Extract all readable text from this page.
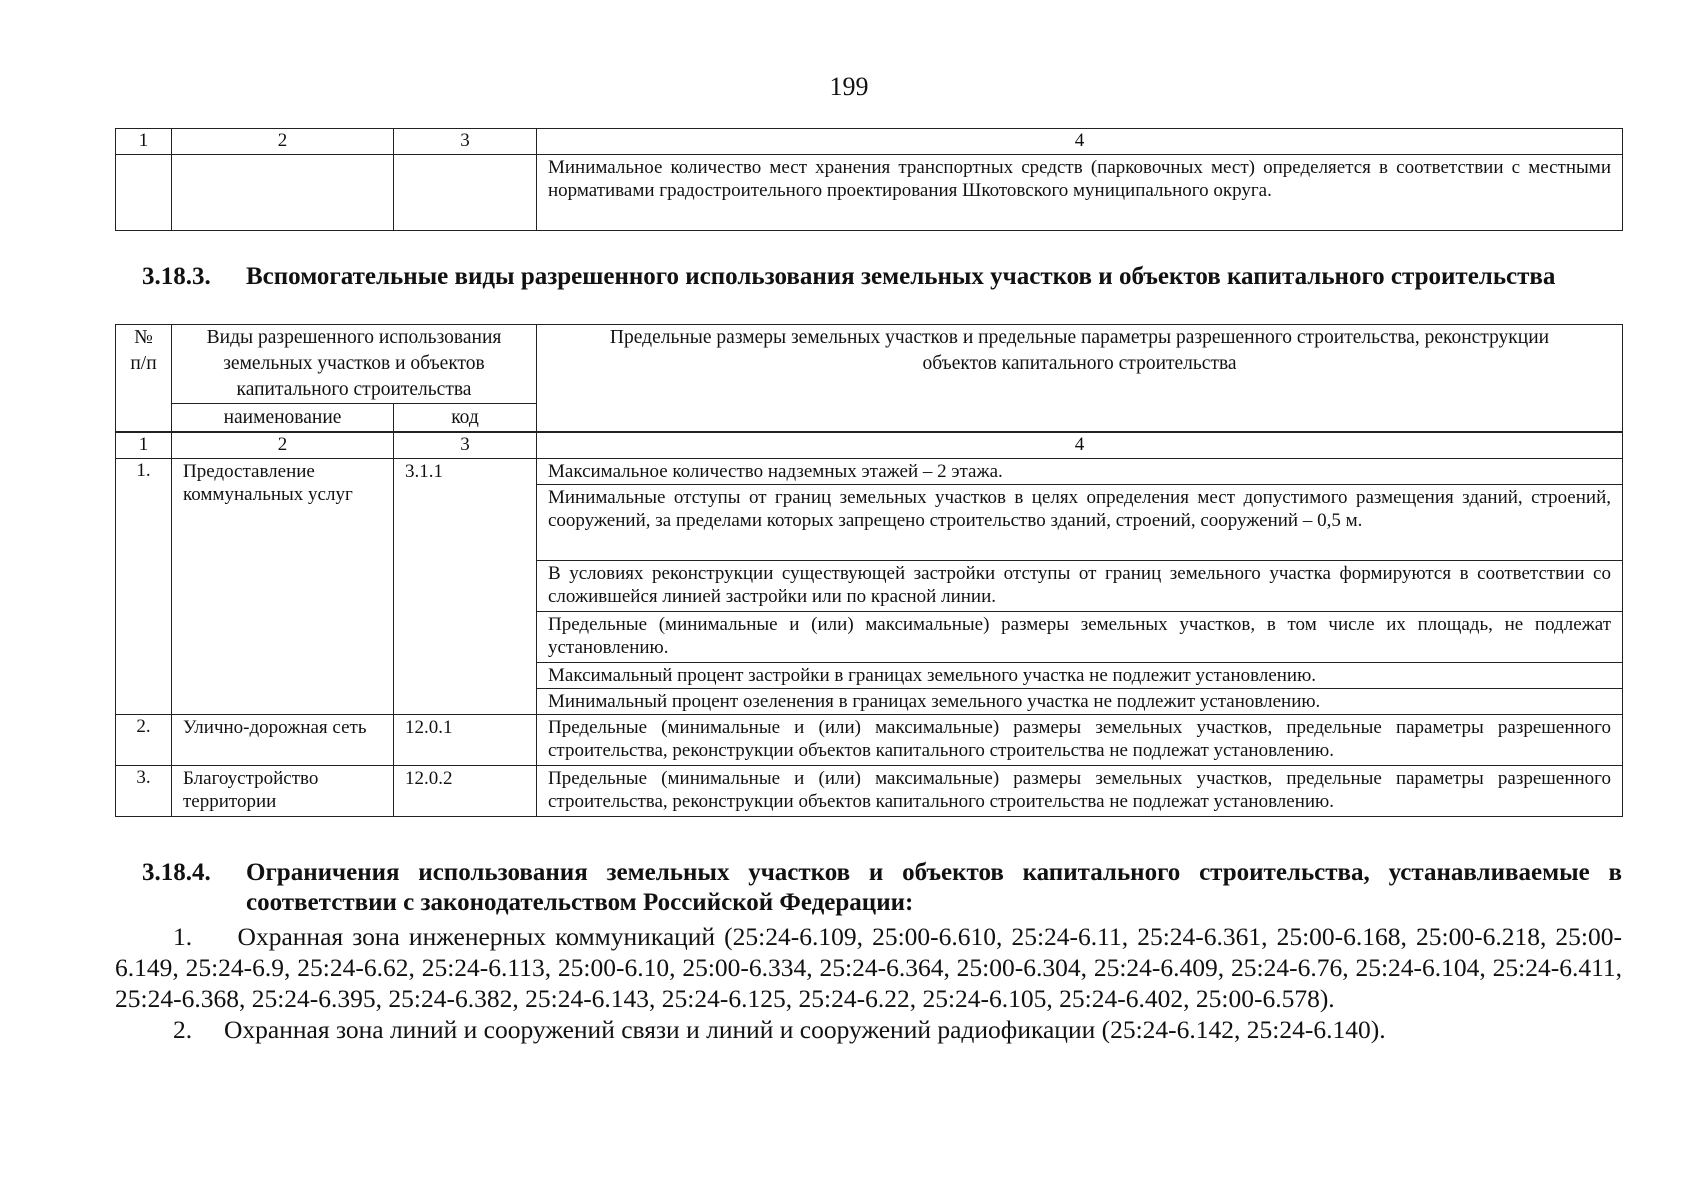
199
1	2	3	4
			Минимальное количество мест хранения транспортных средств (парковочных мест) определяется в соответствии с местными нормативами градостроительного проектирования Шкотовского муниципального округа.
3.18.3. Вспомогательные виды разрешенного использования земельных участков и объектов капитального строительства
№ п/п	Виды разрешенного использования земельных участков и объектов капитального строительства		Предельные размеры земельных участков и предельные параметры разрешенного строительства, реконструкции объектов капитального строительства
	наименование	код	
1	2	3	4
1.	Предоставление коммунальных услуг	3.1.1	Максимальное количество надземных этажей – 2 этажа.
			Минимальные отступы от границ земельных участков в целях определения мест допустимого размещения зданий, строений, сооружений, за пределами которых запрещено строительство зданий, строений, сооружений – 0,5 м.
			В условиях реконструкции существующей застройки отступы от границ земельного участка формируются в соответствии со сложившейся линией застройки или по красной линии.
			Предельные (минимальные и (или) максимальные) размеры земельных участков, в том числе их площадь, не подлежат установлению.
			Максимальный процент застройки в границах земельного участка не подлежит установлению.
			Минимальный процент озеленения в границах земельного участка не подлежит установлению.
2.	Улично-дорожная сеть	12.0.1	Предельные (минимальные и (или) максимальные) размеры земельных участков, предельные параметры разрешенного строительства, реконструкции объектов капитального строительства не подлежат установлению.
3.	Благоустройство территории	12.0.2	Предельные (минимальные и (или) максимальные) размеры земельных участков, предельные параметры разрешенного строительства, реконструкции объектов капитального строительства не подлежат установлению.
3.18.4. Ограничения использования земельных участков и объектов капитального строительства, устанавливаемые в соответствии с законодательством Российской Федерации:

1. Охранная зона инженерных коммуникаций (25:24-6.109, 25:00-6.610, 25:24-6.11, 25:24-6.361, 25:00-6.168, 25:00-6.218, 25:00-6.149, 25:24-6.9, 25:24-6.62, 25:24-6.113, 25:00-6.10, 25:00-6.334, 25:24-6.364, 25:00-6.304, 25:24-6.409, 25:24-6.76, 25:24-6.104, 25:24-6.411, 25:24-6.368, 25:24-6.395, 25:24-6.382, 25:24-6.143, 25:24-6.125, 25:24-6.22, 25:24-6.105, 25:24-6.402, 25:00-6.578).

2. Охранная зона линий и сооружений связи и линий и сооружений радиофикации (25:24-6.142, 25:24-6.140).
